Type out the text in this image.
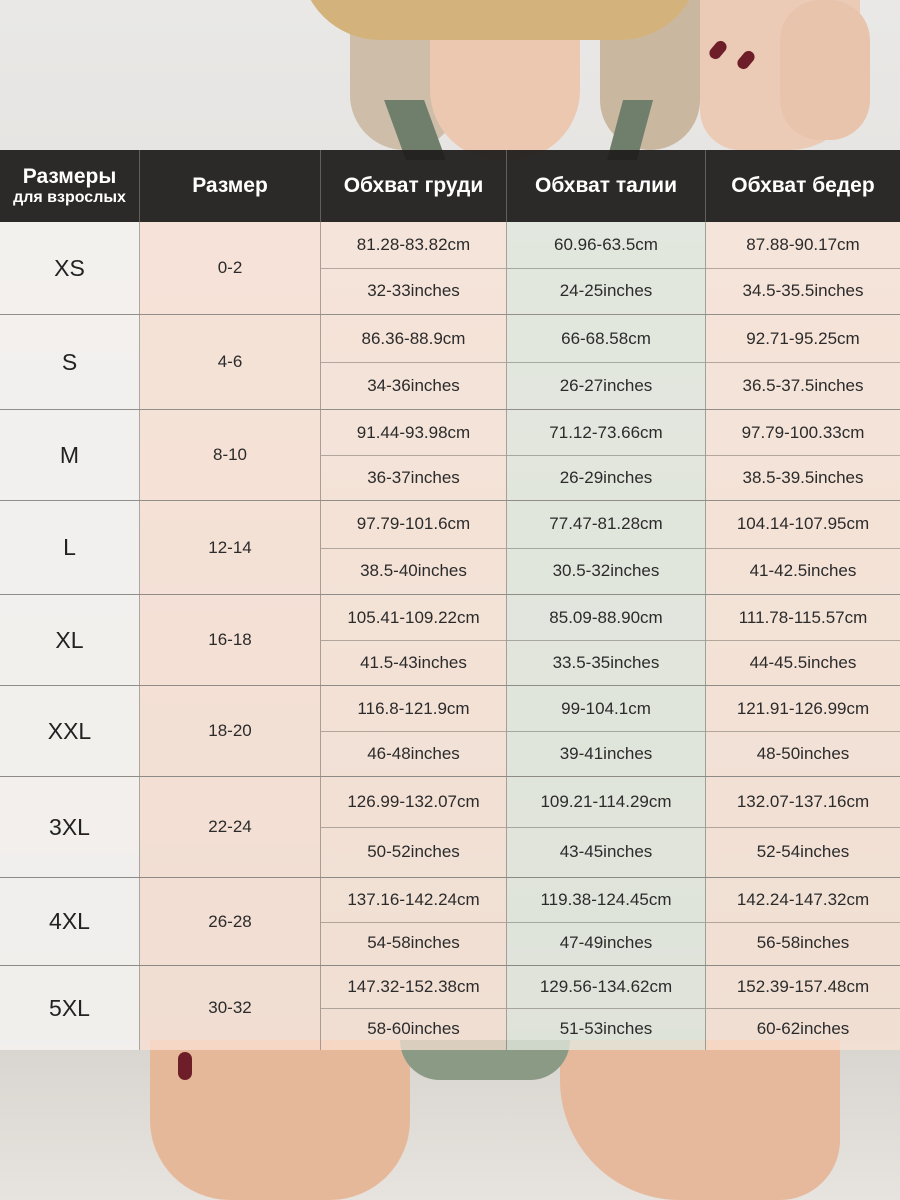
Размеры
для взрослых
Размер	Обхват груди	Обхват талии	Обхват бедер
XS	0-2
81.28-83.82cm
32-33inches
60.96-63.5cm
24-25inches
87.88-90.17cm
34.5-35.5inches
S	4-6
86.36-88.9cm
34-36inches
66-68.58cm
26-27inches
92.71-95.25cm
36.5-37.5inches
M	8-10
91.44-93.98cm
36-37inches
71.12-73.66cm
26-29inches
97.79-100.33cm
38.5-39.5inches
L	12-14
97.79-101.6cm
38.5-40inches
77.47-81.28cm
30.5-32inches
104.14-107.95cm
41-42.5inches
XL	16-18
105.41-109.22cm
41.5-43inches
85.09-88.90cm
33.5-35inches
111.78-115.57cm
44-45.5inches
XXL	18-20
116.8-121.9cm
46-48inches
99-104.1cm
39-41inches
121.91-126.99cm
48-50inches
3XL	22-24
126.99-132.07cm
50-52inches
109.21-114.29cm
43-45inches
132.07-137.16cm
52-54inches
4XL	26-28
137.16-142.24cm
54-58inches
119.38-124.45cm
47-49inches
142.24-147.32cm
56-58inches
5XL	30-32
147.32-152.38cm
58-60inches
129.56-134.62cm
51-53inches
152.39-157.48cm
60-62inches
